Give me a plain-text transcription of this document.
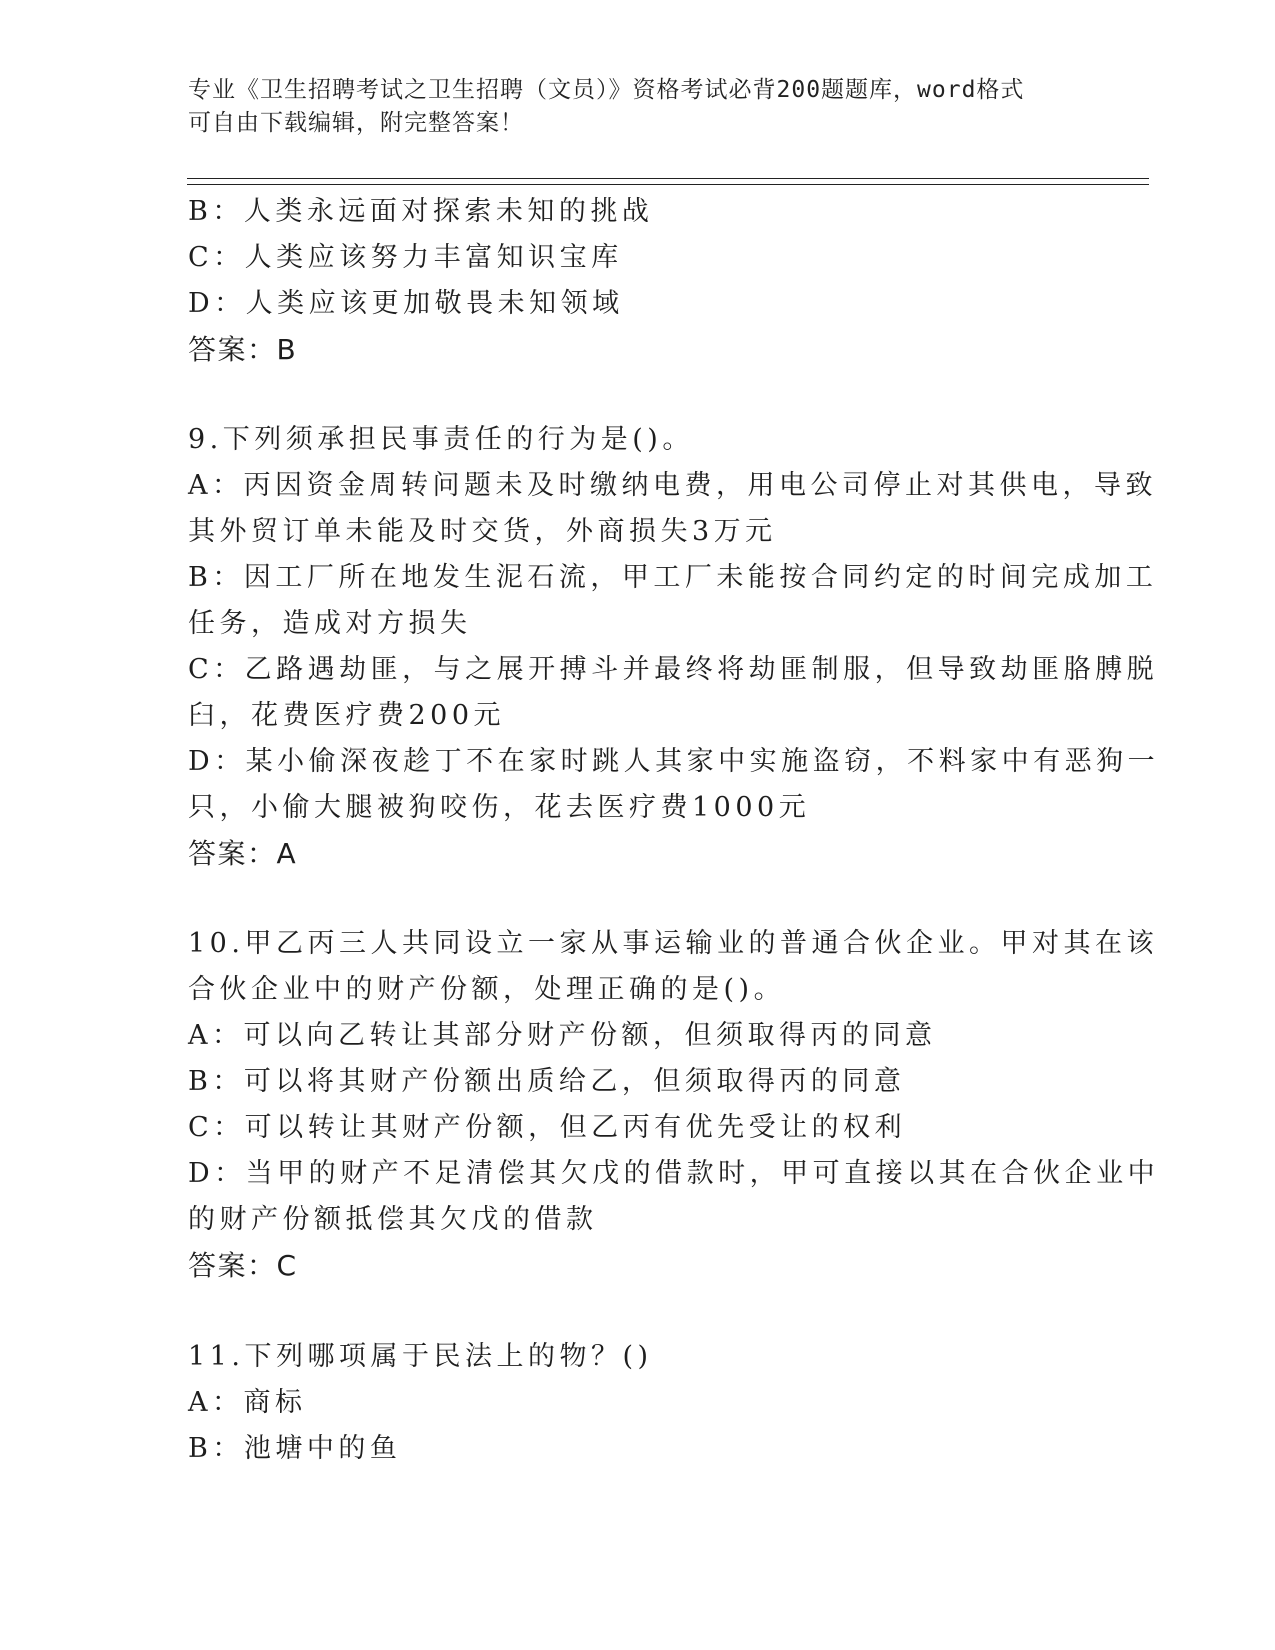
专业《卫生招聘考试之卫生招聘（文员）》资格考试必背200题题库，word格式
可自由下载编辑，附完整答案！
B：人类永远面对探索未知的挑战
C：人类应该努力丰富知识宝库
D：人类应该更加敬畏未知领域
答案：B
9.下列须承担民事责任的行为是()。
A：丙因资金周转问题未及时缴纳电费，用电公司停止对其供电，导致
其外贸订单未能及时交货，外商损失3万元
B：因工厂所在地发生泥石流，甲工厂未能按合同约定的时间完成加工
任务，造成对方损失
C：乙路遇劫匪，与之展开搏斗并最终将劫匪制服，但导致劫匪胳膊脱
臼，花费医疗费200元
D：某小偷深夜趁丁不在家时跳人其家中实施盗窃，不料家中有恶狗一
只，小偷大腿被狗咬伤，花去医疗费1000元
答案：A
10.甲乙丙三人共同设立一家从事运输业的普通合伙企业。甲对其在该
合伙企业中的财产份额，处理正确的是()。
A：可以向乙转让其部分财产份额，但须取得丙的同意
B：可以将其财产份额出质给乙，但须取得丙的同意
C：可以转让其财产份额，但乙丙有优先受让的权利
D：当甲的财产不足清偿其欠戊的借款时，甲可直接以其在合伙企业中
的财产份额抵偿其欠戊的借款
答案：C
11.下列哪项属于民法上的物？()
A：商标
B：池塘中的鱼
